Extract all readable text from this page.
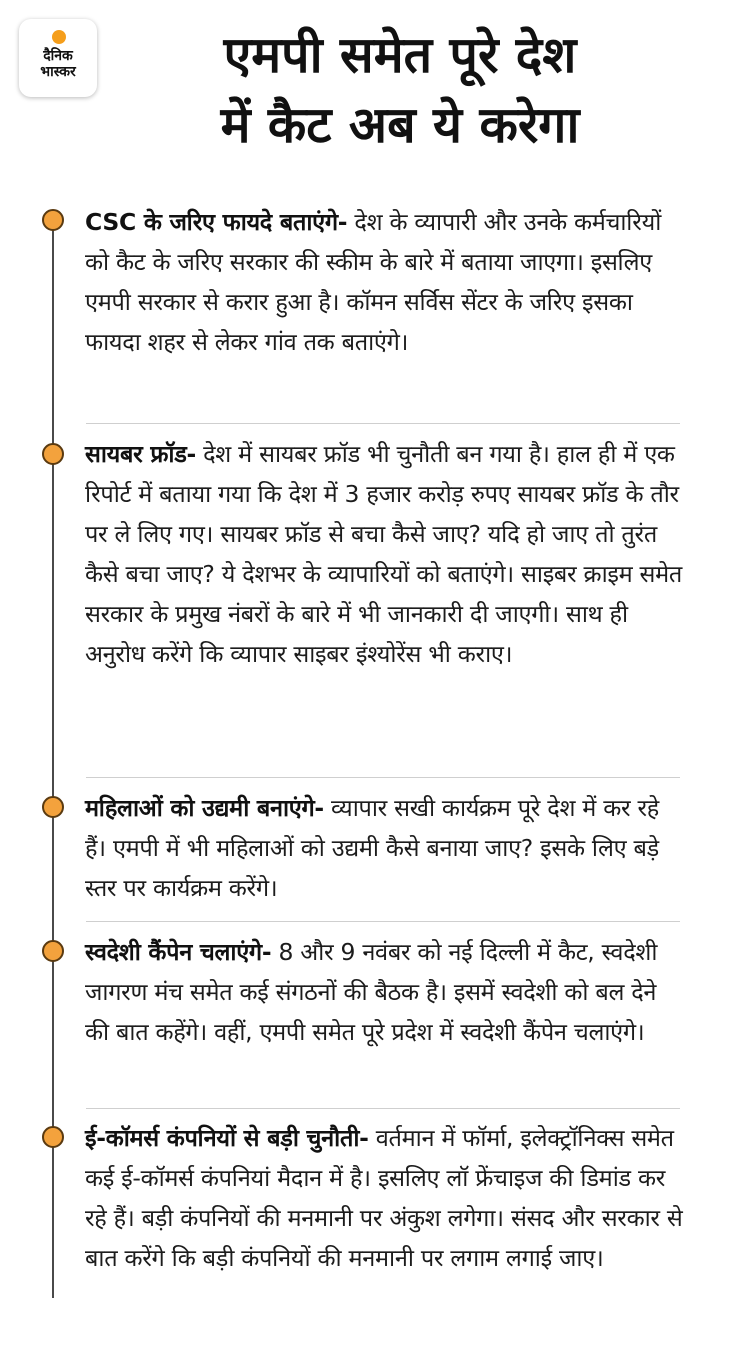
दैनिक
भास्कर	एमपी समेत पूरे देश
में कैट अब ये करेगा

CSC के जरिए फायदे बताएंगे- देश के व्यापारी और उनके कर्मचारियों को कैट के जरिए सरकार की स्कीम के बारे में बताया जाएगा। इसलिए एमपी सरकार से करार हुआ है। कॉमन सर्विस सेंटर के जरिए इसका फायदा शहर से लेकर गांव तक बताएंगे।

सायबर फ्रॉड- देश में सायबर फ्रॉड भी चुनौती बन गया है। हाल ही में एक रिपोर्ट में बताया गया कि देश में 3 हजार करोड़ रुपए सायबर फ्रॉड के तौर पर ले लिए गए। सायबर फ्रॉड से बचा कैसे जाए? यदि हो जाए तो तुरंत कैसे बचा जाए? ये देशभर के व्यापारियों को बताएंगे। साइबर क्राइम समेत सरकार के प्रमुख नंबरों के बारे में भी जानकारी दी जाएगी। साथ ही अनुरोध करेंगे कि व्यापार साइबर इंश्योरेंस भी कराए।

महिलाओं को उद्यमी बनाएंगे- व्यापार सखी कार्यक्रम पूरे देश में कर रहे हैं। एमपी में भी महिलाओं को उद्यमी कैसे बनाया जाए? इसके लिए बड़े स्तर पर कार्यक्रम करेंगे।

स्वदेशी कैंपेन चलाएंगे- 8 और 9 नवंबर को नई दिल्ली में कैट, स्वदेशी जागरण मंच समेत कई संगठनों की बैठक है। इसमें स्वदेशी को बल देने की बात कहेंगे। वहीं, एमपी समेत पूरे प्रदेश में स्वदेशी कैंपेन चलाएंगे।

ई-कॉमर्स कंपनियों से बड़ी चुनौती- वर्तमान में फॉर्मा, इलेक्ट्रॉनिक्स समेत कई ई-कॉमर्स कंपनियां मैदान में है। इसलिए लॉ फ्रेंचाइज की डिमांड कर रहे हैं। बड़ी कंपनियों की मनमानी पर अंकुश लगेगा। संसद और सरकार से बात करेंगे कि बड़ी कंपनियों की मनमानी पर लगाम लगाई जाए।
